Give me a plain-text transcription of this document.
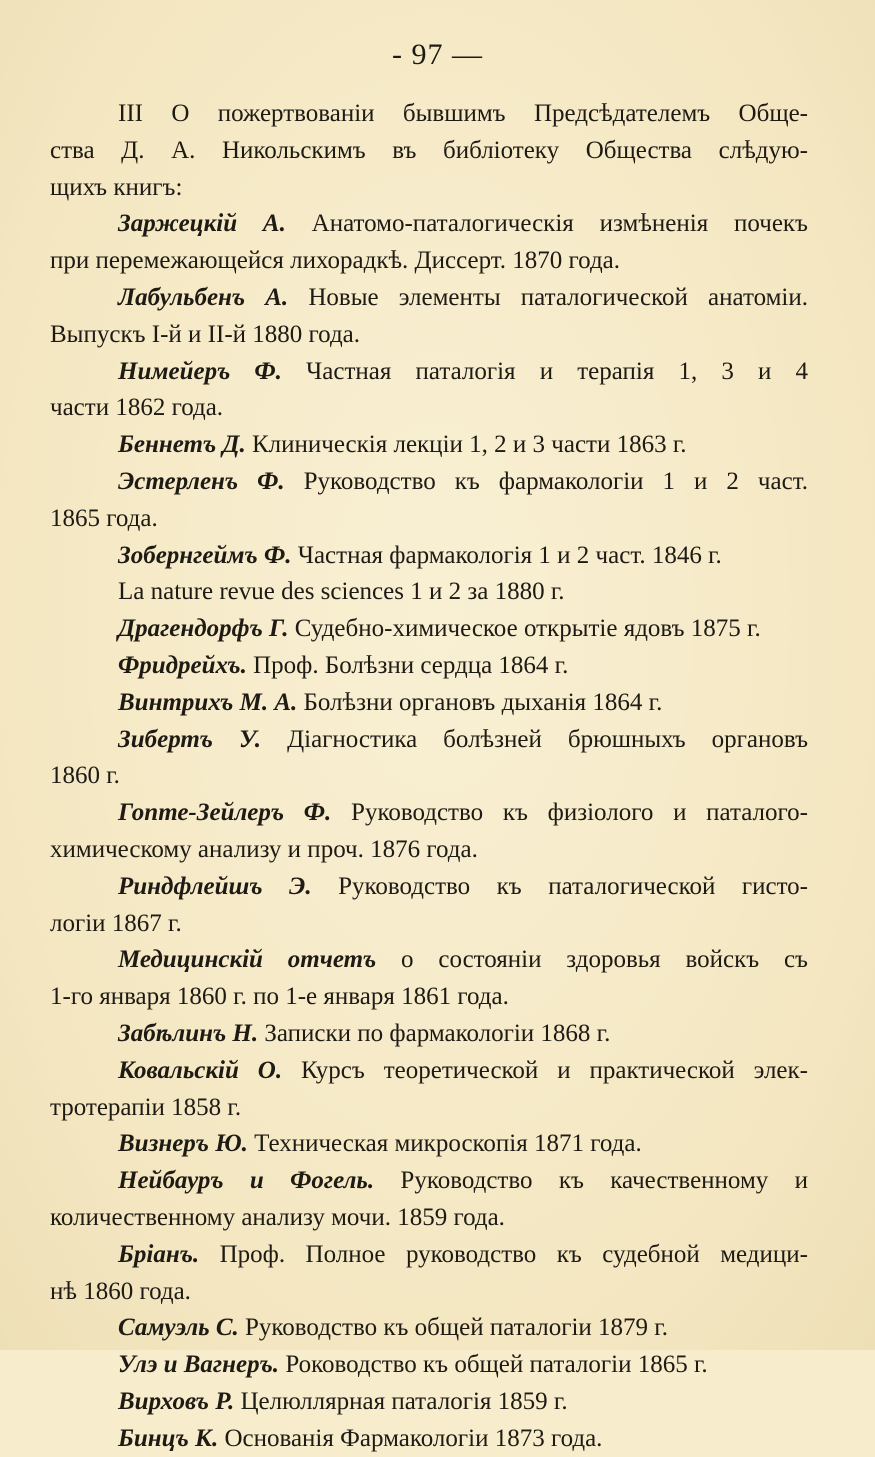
- 97 —
III О пожертвованіи бывшимъ Предсѣдателемъ Обще-
ства Д. А. Никольскимъ въ библіотеку Общества слѣдую-
щихъ книгъ:
Заржецкій А. Анатомо-паталогическія измѣненія почекъ
при перемежающейся лихорадкѣ. Диссерт. 1870 года.
Лабульбенъ А. Новые элементы паталогической анатоміи.
Выпускъ I-й и II-й 1880 года.
Нимейеръ Ф. Частная паталогія и терапія 1, 3 и 4
части 1862 года.
Беннетъ Д. Клиническія лекціи 1, 2 и 3 части 1863 г.
Эстерленъ Ф. Руководство къ фармакологіи 1 и 2 част.
1865 года.
Зобернгеймъ Ф. Частная фармакологія 1 и 2 част. 1846 г.
La nature revue des sciences 1 и 2 за 1880 г.
Драгендорфъ Г. Судебно-химическое открытіе ядовъ 1875 г.
Фридрейхъ. Проф. Болѣзни сердца 1864 г.
Винтрихъ М. А. Болѣзни органовъ дыханія 1864 г.
Зибертъ У. Діагностика болѣзней брюшныхъ органовъ
1860 г.
Гопте-Зейлеръ Ф. Руководство къ физіолого и паталого-
химическому анализу и проч. 1876 года.
Риндфлейшъ Э. Руководство къ паталогической гисто-
логіи 1867 г.
Медицинскій отчетъ о состояніи здоровья войскъ съ
1-го января 1860 г. по 1-е января 1861 года.
Забѣлинъ Н. Записки по фармакологіи 1868 г.
Ковальскій О. Курсъ теоретической и практической элек-
тротерапіи 1858 г.
Визнеръ Ю. Техническая микроскопія 1871 года.
Нейбауръ и Фогель. Руководство къ качественному и
количественному анализу мочи. 1859 года.
Бріанъ. Проф. Полное руководство къ судебной медици-
нѣ 1860 года.
Самуэль С. Руководство къ общей паталогіи 1879 г.
Улэ и Вагнеръ. Роководство къ общей паталогіи 1865 г.
Вирховъ Р. Целюллярная паталогія 1859 г.
Бинцъ К. Основанія Фармакологіи 1873 года.
